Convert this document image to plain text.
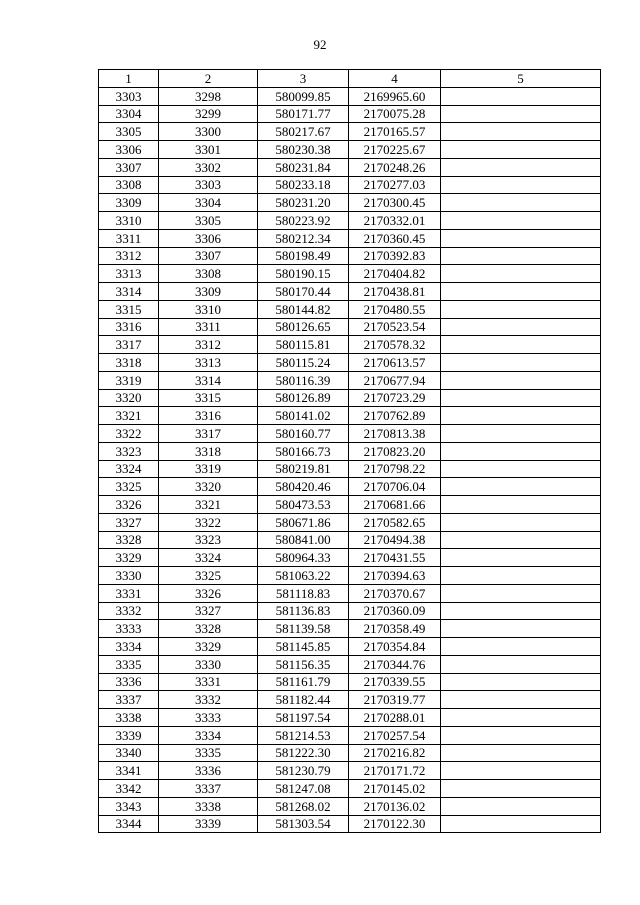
92
1	2	3	4	5
3303	3298	580099.85	2169965.60	
3304	3299	580171.77	2170075.28	
3305	3300	580217.67	2170165.57	
3306	3301	580230.38	2170225.67	
3307	3302	580231.84	2170248.26	
3308	3303	580233.18	2170277.03	
3309	3304	580231.20	2170300.45	
3310	3305	580223.92	2170332.01	
3311	3306	580212.34	2170360.45	
3312	3307	580198.49	2170392.83	
3313	3308	580190.15	2170404.82	
3314	3309	580170.44	2170438.81	
3315	3310	580144.82	2170480.55	
3316	3311	580126.65	2170523.54	
3317	3312	580115.81	2170578.32	
3318	3313	580115.24	2170613.57	
3319	3314	580116.39	2170677.94	
3320	3315	580126.89	2170723.29	
3321	3316	580141.02	2170762.89	
3322	3317	580160.77	2170813.38	
3323	3318	580166.73	2170823.20	
3324	3319	580219.81	2170798.22	
3325	3320	580420.46	2170706.04	
3326	3321	580473.53	2170681.66	
3327	3322	580671.86	2170582.65	
3328	3323	580841.00	2170494.38	
3329	3324	580964.33	2170431.55	
3330	3325	581063.22	2170394.63	
3331	3326	581118.83	2170370.67	
3332	3327	581136.83	2170360.09	
3333	3328	581139.58	2170358.49	
3334	3329	581145.85	2170354.84	
3335	3330	581156.35	2170344.76	
3336	3331	581161.79	2170339.55	
3337	3332	581182.44	2170319.77	
3338	3333	581197.54	2170288.01	
3339	3334	581214.53	2170257.54	
3340	3335	581222.30	2170216.82	
3341	3336	581230.79	2170171.72	
3342	3337	581247.08	2170145.02	
3343	3338	581268.02	2170136.02	
3344	3339	581303.54	2170122.30	
